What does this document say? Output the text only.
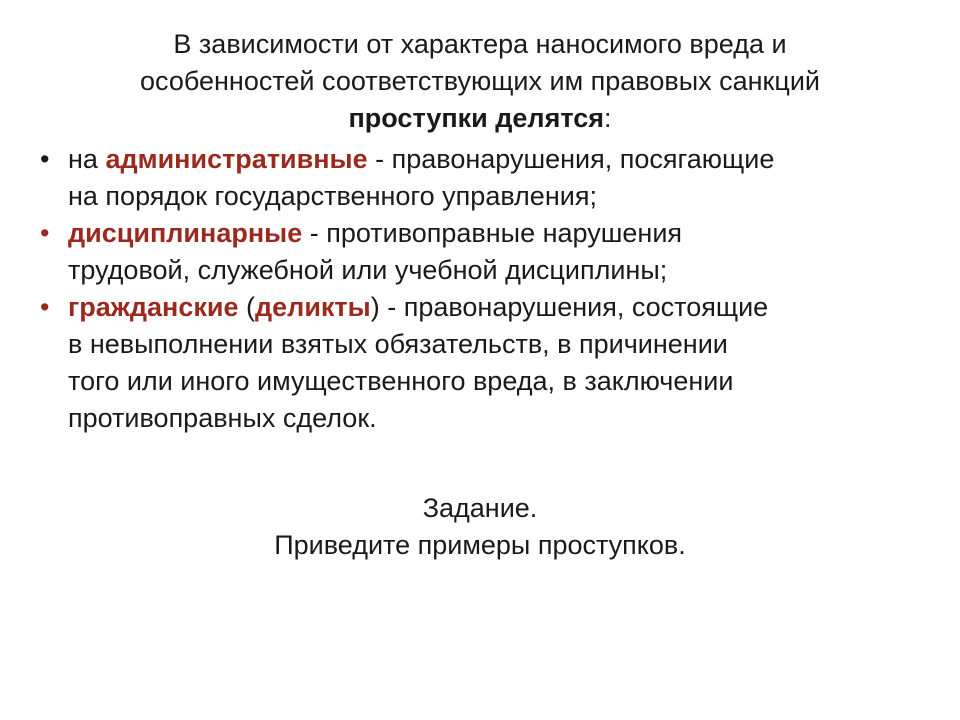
В зависимости от характера наносимого вреда и
особенностей соответствующих им правовых санкций
проступки делятся:
• на административные - правонарушения, посягающие
на порядок государственного управления;
• дисциплинарные - противоправные нарушения
трудовой, служебной или учебной дисциплины;
• гражданские (деликты) - правонарушения, состоящие
в невыполнении взятых обязательств, в причинении
того или иного имущественного вреда, в заключении
противоправных сделок.
Задание.
Приведите примеры проступков.
